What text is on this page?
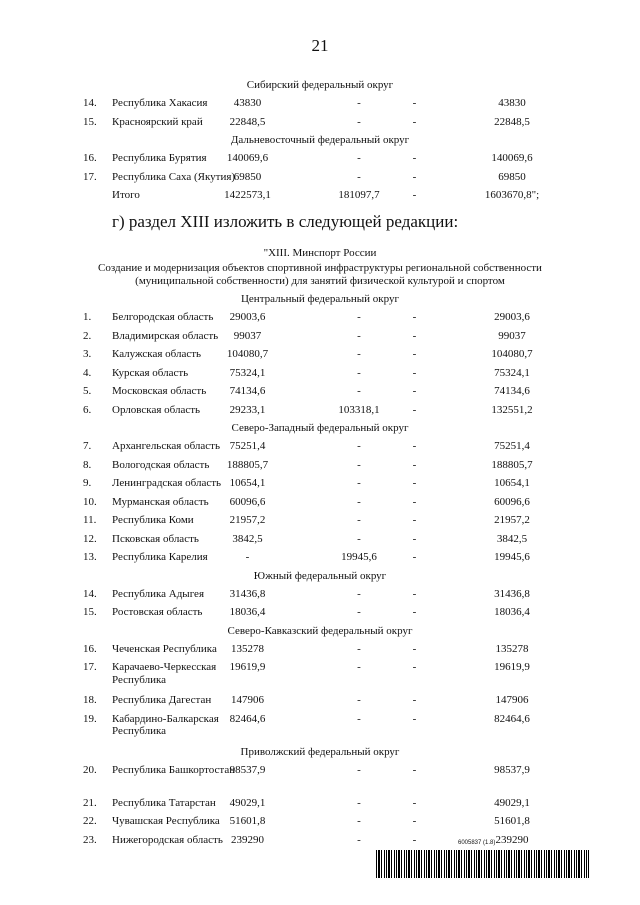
21
Сибирский федеральный округ
14. Республика Хакасия	43830	-	-	43830
15. Красноярский край	22848,5	-	-	22848,5
Дальневосточный федеральный округ
16. Республика Бурятия	140069,6	-	-	140069,6
17. Республика Саха (Якутия)
69850	-	-	69850
Итого	1422573,1	181097,7	-	1603670,8";
г) раздел XIII изложить в следующей редакции:
"XIII. Минспорт России
Создание и модернизация объектов спортивной инфраструктуры региональной собственности (муниципальной собственности) для занятий физической культурой и спортом
Центральный федеральный округ
1. Белгородская область	29003,6	-	-	29003,6
2. Владимирская область	99037	-	-	99037
3. Калужская область	104080,7	-	-	104080,7
4. Курская область	75324,1	-	-	75324,1
5. Московская область	74134,6	-	-	74134,6
6. Орловская область	29233,1	103318,1	-	132551,2
Северо-Западный федеральный округ
7. Архангельская область 75251,4	-	-	75251,4
8. Вологодская область	188805,7	-	-	188805,7
9. Ленинградская область 10654,1	-	-	10654,1
10. Мурманская область	60096,6	-	-	60096,6
11. Республика Коми	21957,2	-	-	21957,2
12. Псковская область	3842,5	-	-	3842,5
13. Республика Карелия	-	19945,6	-	19945,6
Южный федеральный округ
14. Республика Адыгея	31436,8	-	-	31436,8
15. Ростовская область	18036,4	-	-	18036,4
Северо-Кавказский федеральный округ
16. Чеченская Республика	135278	-	-	135278
17. Карачаево-Черкесская Республика
19619,9	-	-	19619,9
18. Республика Дагестан	147906	-	-	147906
19. Кабардино-Балкарская Республика
82464,6	-	-	82464,6
Приволжский федеральный округ
20. Республика Башкортостан
98537,9	-	-	98537,9
21. Республика Татарстан	49029,1	-	-	49029,1
22. Чувашская Республика 51601,8	-	-	51601,8
23. Нижегородская область 239290	-	-	239290
6005837 (1.8)
